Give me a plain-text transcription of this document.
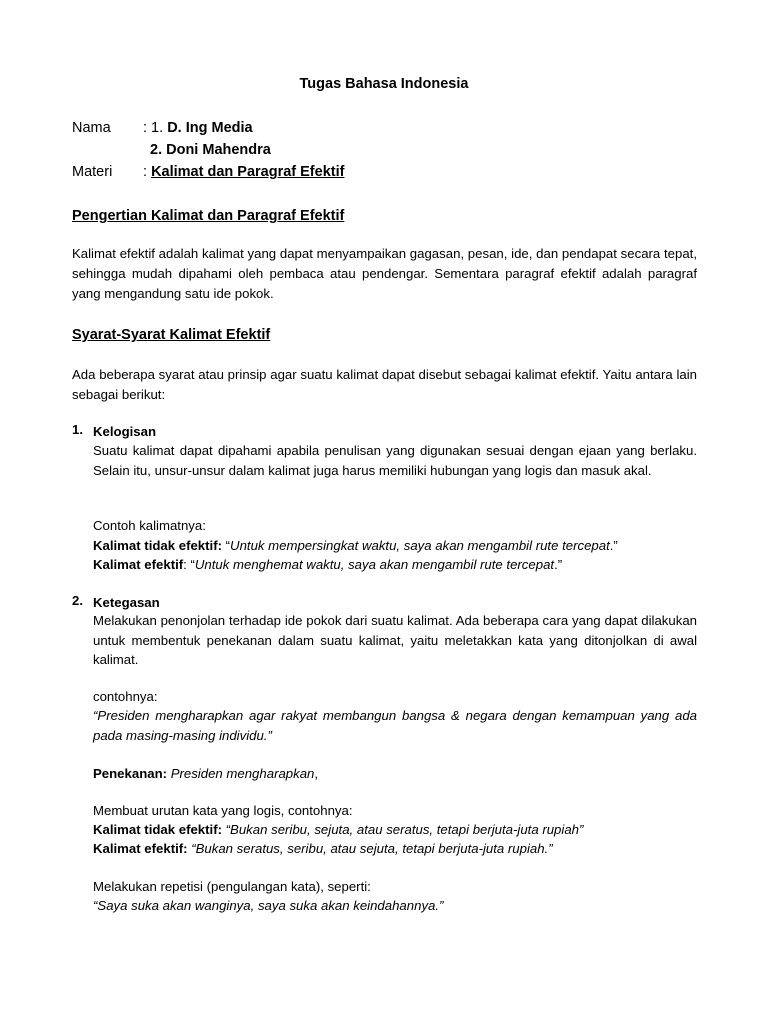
Tugas Bahasa Indonesia
Nama : 1. D. Ing Media
2. Doni Mahendra
Materi : Kalimat dan Paragraf Efektif
Pengertian Kalimat dan Paragraf Efektif
Kalimat efektif adalah kalimat yang dapat menyampaikan gagasan, pesan, ide, dan pendapat secara tepat, sehingga mudah dipahami oleh pembaca atau pendengar. Sementara paragraf efektif adalah paragraf yang mengandung satu ide pokok.
Syarat-Syarat Kalimat Efektif
Ada beberapa syarat atau prinsip agar suatu kalimat dapat disebut sebagai kalimat efektif. Yaitu antara lain sebagai berikut:
1. Kelogisan
Suatu kalimat dapat dipahami apabila penulisan yang digunakan sesuai dengan ejaan yang berlaku. Selain itu, unsur-unsur dalam kalimat juga harus memiliki hubungan yang logis dan masuk akal.
Contoh kalimatnya:
Kalimat tidak efektif: “Untuk mempersingkat waktu, saya akan mengambil rute tercepat.”
Kalimat efektif: “Untuk menghemat waktu, saya akan mengambil rute tercepat.”
2. Ketegasan
Melakukan penonjolan terhadap ide pokok dari suatu kalimat. Ada beberapa cara yang dapat dilakukan untuk membentuk penekanan dalam suatu kalimat, yaitu meletakkan kata yang ditonjolkan di awal kalimat.
contohnya:
“Presiden mengharapkan agar rakyat membangun bangsa & negara dengan kemampuan yang ada pada masing-masing individu.”
Penekanan: Presiden mengharapkan,
Membuat urutan kata yang logis, contohnya:
Kalimat tidak efektif: “Bukan seribu, sejuta, atau seratus, tetapi berjuta-juta rupiah”
Kalimat efektif: “Bukan seratus, seribu, atau sejuta, tetapi berjuta-juta rupiah.”
Melakukan repetisi (pengulangan kata), seperti:
“Saya suka akan wanginya, saya suka akan keindahannya.”
